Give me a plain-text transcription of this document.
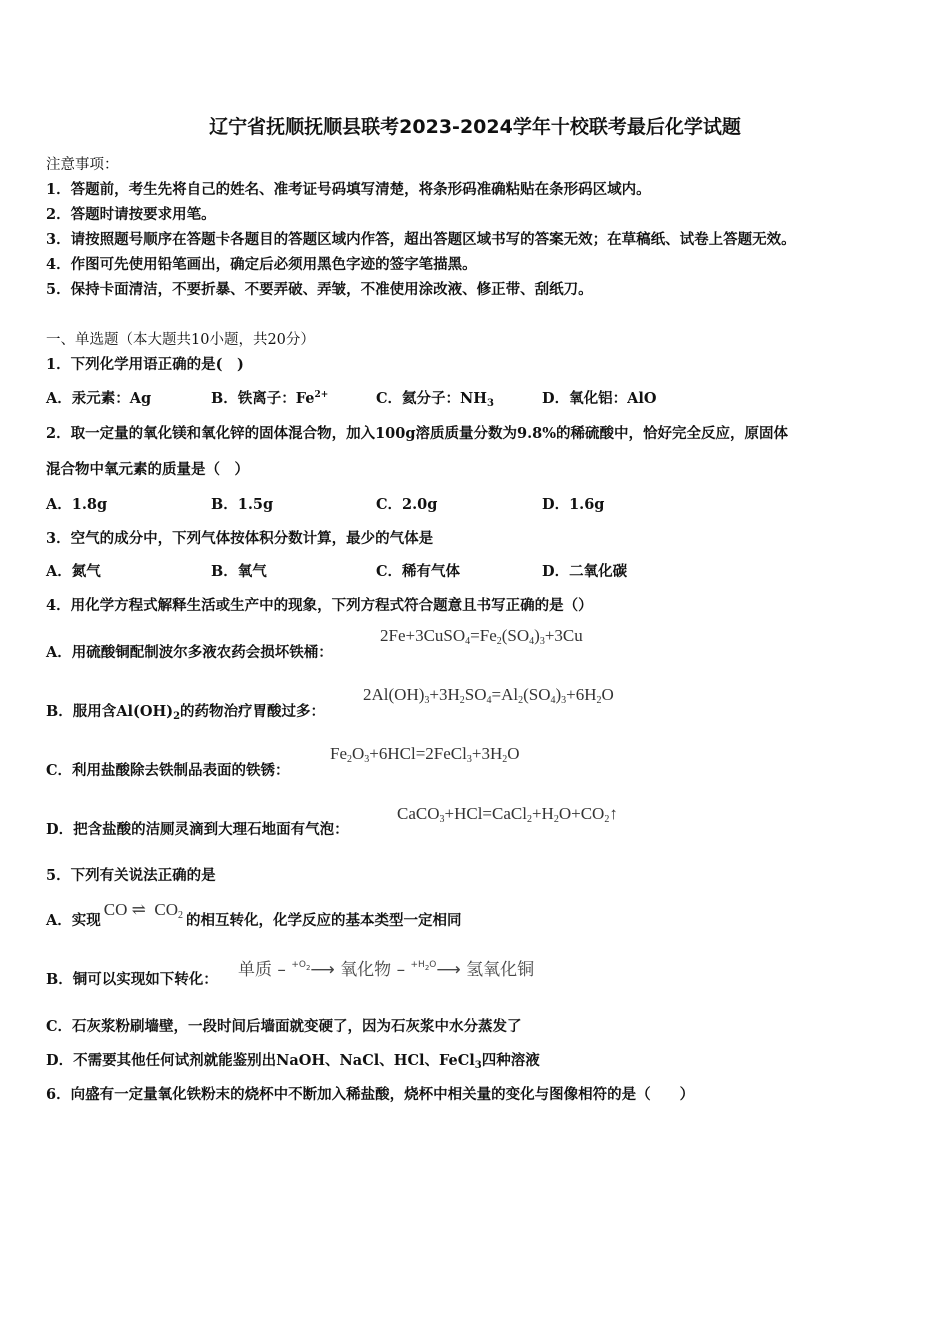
辽宁省抚顺抚顺县联考2023-2024学年十校联考最后化学试题
注意事项：
1．答题前，考生先将自己的姓名、准考证号码填写清楚，将条形码准确粘贴在条形码区域内。
2．答题时请按要求用笔。
3．请按照题号顺序在答题卡各题目的答题区域内作答，超出答题区域书写的答案无效；在草稿纸、试卷上答题无效。
4．作图可先使用铅笔画出，确定后必须用黑色字迹的签字笔描黑。
5．保持卡面清洁，不要折暴、不要弄破、弄皱，不准使用涂改液、修正带、刮纸刀。
一、单选题（本大题共10小题，共20分）
1．下列化学用语正确的是(　)
A．汞元素：Ag	B．铁离子：$Fe^{2+}$	C．氦分子：$NH_3$	D．氧化铝：AlO
2．取一定量的氧化镁和氧化锌的固体混合物，加入100g溶质质量分数为9.8%的稀硫酸中，恰好完全反应，原固体
混合物中氧元素的质量是（　）
A．1.8g	B．1.5g	C．2.0g	D．1.6g
3．空气的成分中，下列气体按体积分数计算，最少的气体是
A．氮气	B．氧气	C．稀有气体	D．二氧化碳
4．用化学方程式解释生活或生产中的现象，下列方程式符合题意且书写正确的是（）
A．用硫酸铜配制波尔多液农药会损坏铁桶：
$2Fe+3CuSO_4=Fe_2(SO_4)_3+3Cu$
B．服用含$Al(OH)_2$的药物治疗胃酸过多：
$2Al(OH)_3+3H_2SO_4=Al_2(SO_4)_3+6H_2O$
C．利用盐酸除去铁制品表面的铁锈：
$Fe_2O_3+6HCl=2FeCl_3+3H_2O$
D．把含盐酸的洁厕灵滴到大理石地面有气泡：
$CaCO_3+HCl=CaCl_2+H_2O+CO_2↑$
5．下列有关说法正确的是
A．实现CO ⇌ $CO_2$ 的相互转化，化学反应的基本类型一定相同
B．铜可以实现如下转化： 单质 – $^{+O_2}$⟶ 氧化物 – $^{+H_2O}$⟶ 氢氧化铜
C．石灰浆粉刷墙壁，一段时间后墙面就变硬了，因为石灰浆中水分蒸发了
D．不需要其他任何试剂就能鉴别出NaOH、NaCl、HCl、FeCl$_3$四种溶液
6．向盛有一定量氧化铁粉末的烧杯中不断加入稀盐酸，烧杯中相关量的变化与图像相符的是（　　）
